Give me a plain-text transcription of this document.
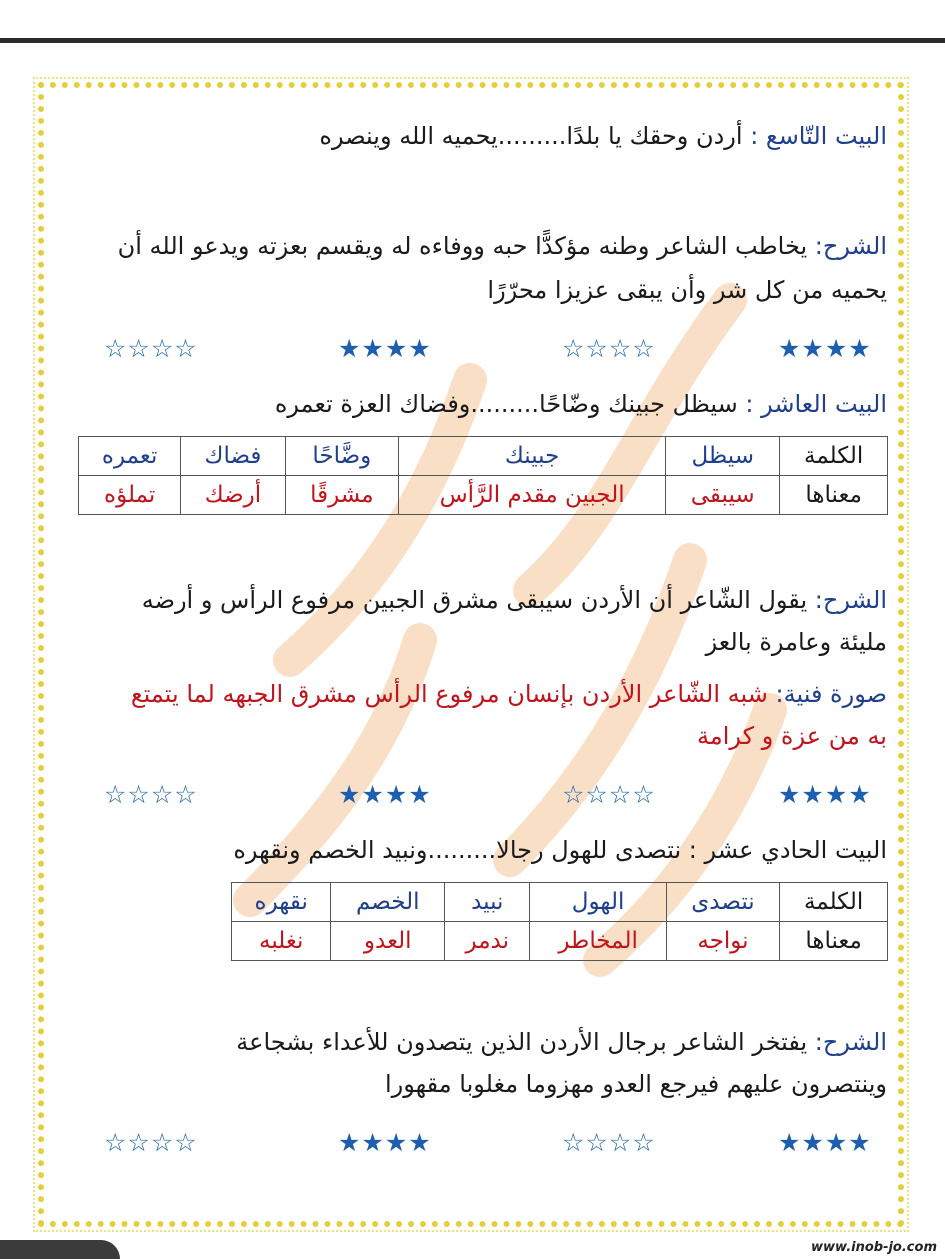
البيت التّاسع : أردن وحقك يا بلدًا.........يحميه الله وينصره
الشرح: يخاطب الشاعر وطنه مؤكدًّا حبه ووفاءه له ويقسم بعزته ويدعو الله أن
يحميه من كل شر وأن يبقى عزيزا محرّرًا
★★★★
☆☆☆☆
★★★★
☆☆☆☆
البيت العاشر : سيظل جبينك وضّاحًا.........وفضاك العزة تعمره
الكلمة	سيظل	جبينك	وضَّاحًا	فضاك	تعمره
معناها	سيبقى	الجبين مقدم الرَّأس	مشرقًا	أرضك	تملؤه
الشرح: يقول الشّاعر أن الأردن سيبقى مشرق الجبين مرفوع الرأس و أرضه
مليئة وعامرة بالعز
صورة فنية: شبه الشّاعر الأردن بإنسان مرفوع الرأس مشرق الجبهه لما يتمتع
به من عزة و كرامة
★★★★
☆☆☆☆
★★★★
☆☆☆☆
البيت الحادي عشر : نتصدى للهول رجالا.........ونبيد الخصم ونقهره
الكلمة	نتصدى	الهول	نبيد	الخصم	نقهره
معناها	نواجه	المخاطر	ندمر	العدو	نغلبه
الشرح: يفتخر الشاعر برجال الأردن الذين يتصدون للأعداء بشجاعة
وينتصرون عليهم فيرجع العدو مهزوما مغلوبا مقهورا
★★★★
☆☆☆☆
★★★★
☆☆☆☆
www.inob-jo.com
